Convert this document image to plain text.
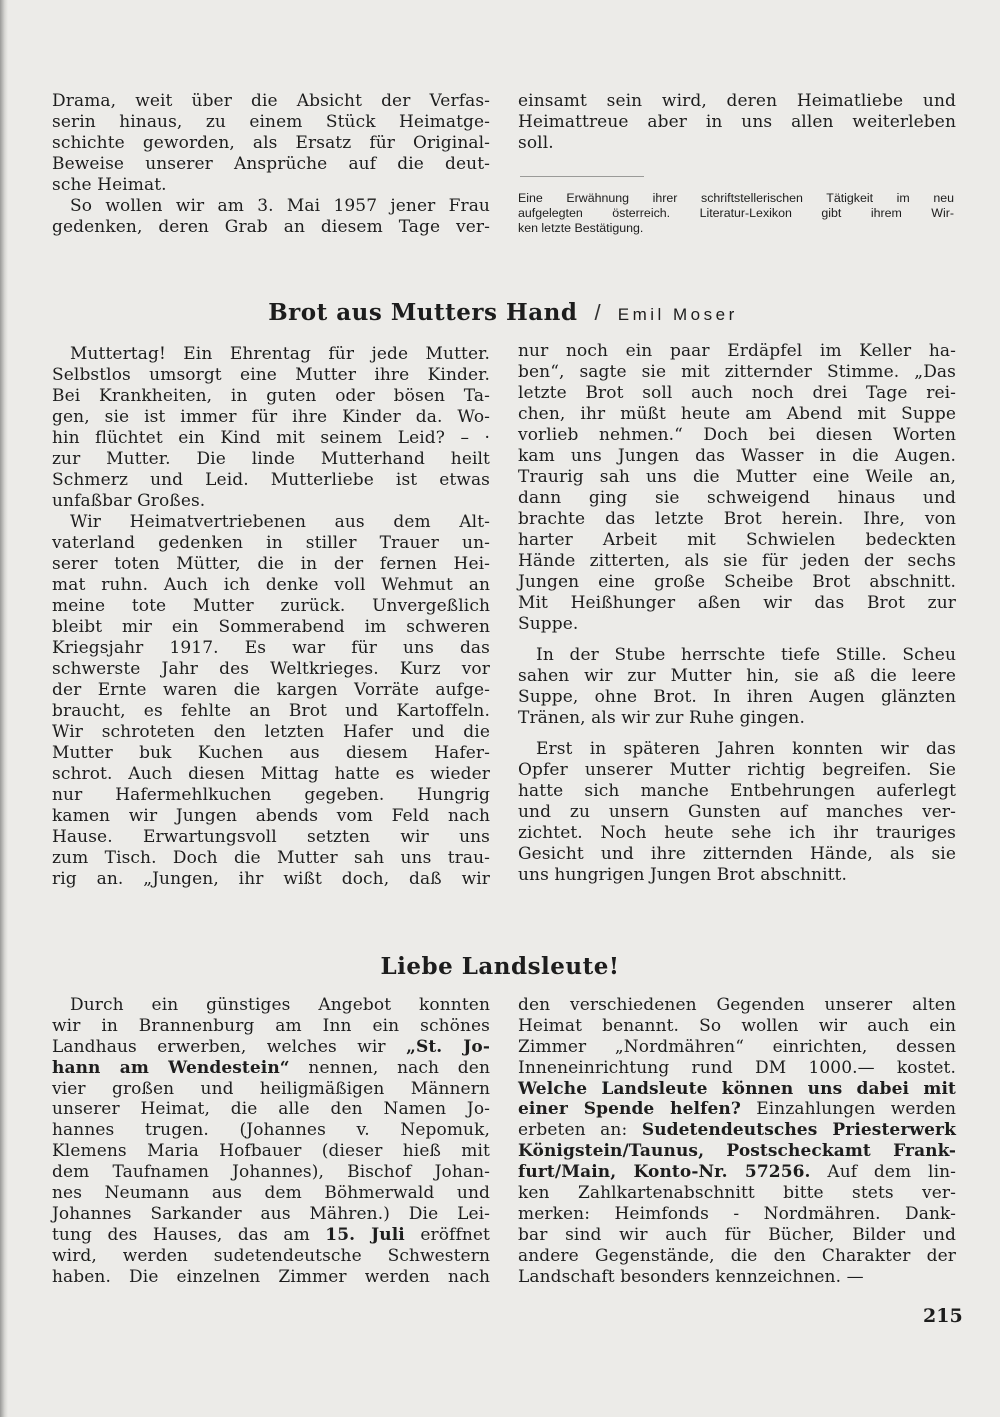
Drama, weit über die Absicht der Verfas-
serin hinaus, zu einem Stück Heimatge-
schichte geworden, als Ersatz für Original-
Beweise unserer Ansprüche auf die deut-
sche Heimat.
So wollen wir am 3. Mai 1957 jener Frau
gedenken, deren Grab an diesem Tage ver-
einsamt sein wird, deren Heimatliebe und
Heimattreue aber in uns allen weiterleben
soll.
Eine Erwähnung ihrer schriftstellerischen Tätigkeit im neu
aufgelegten österreich. Literatur-Lexikon gibt ihrem Wir-
ken letzte Bestätigung.
Brot aus Mutters Hand / Emil Moser
Muttertag! Ein Ehrentag für jede Mutter.
Selbstlos umsorgt eine Mutter ihre Kinder.
Bei Krankheiten, in guten oder bösen Ta-
gen, sie ist immer für ihre Kinder da. Wo-
hin flüchtet ein Kind mit seinem Leid? – ·
zur Mutter. Die linde Mutterhand heilt
Schmerz und Leid. Mutterliebe ist etwas
unfaßbar Großes.
Wir Heimatvertriebenen aus dem Alt-
vaterland gedenken in stiller Trauer un-
serer toten Mütter, die in der fernen Hei-
mat ruhn. Auch ich denke voll Wehmut an
meine tote Mutter zurück. Unvergeßlich
bleibt mir ein Sommerabend im schweren
Kriegsjahr 1917. Es war für uns das
schwerste Jahr des Weltkrieges. Kurz vor
der Ernte waren die kargen Vorräte aufge-
braucht, es fehlte an Brot und Kartoffeln.
Wir schroteten den letzten Hafer und die
Mutter buk Kuchen aus diesem Hafer-
schrot. Auch diesen Mittag hatte es wieder
nur Hafermehlkuchen gegeben. Hungrig
kamen wir Jungen abends vom Feld nach
Hause. Erwartungsvoll setzten wir uns
zum Tisch. Doch die Mutter sah uns trau-
rig an. „Jungen, ihr wißt doch, daß wir
nur noch ein paar Erdäpfel im Keller ha-
ben“, sagte sie mit zitternder Stimme. „Das
letzte Brot soll auch noch drei Tage rei-
chen, ihr müßt heute am Abend mit Suppe
vorlieb nehmen.“ Doch bei diesen Worten
kam uns Jungen das Wasser in die Augen.
Traurig sah uns die Mutter eine Weile an,
dann ging sie schweigend hinaus und
brachte das letzte Brot herein. Ihre, von
harter Arbeit mit Schwielen bedeckten
Hände zitterten, als sie für jeden der sechs
Jungen eine große Scheibe Brot abschnitt.
Mit Heißhunger aßen wir das Brot zur
Suppe.
In der Stube herrschte tiefe Stille. Scheu
sahen wir zur Mutter hin, sie aß die leere
Suppe, ohne Brot. In ihren Augen glänzten
Tränen, als wir zur Ruhe gingen.
Erst in späteren Jahren konnten wir das
Opfer unserer Mutter richtig begreifen. Sie
hatte sich manche Entbehrungen auferlegt
und zu unsern Gunsten auf manches ver-
zichtet. Noch heute sehe ich ihr trauriges
Gesicht und ihre zitternden Hände, als sie
uns hungrigen Jungen Brot abschnitt.
Liebe Landsleute!
Durch ein günstiges Angebot konnten
wir in Brannenburg am Inn ein schönes
Landhaus erwerben, welches wir „St. Jo-
hann am Wendestein“ nennen, nach den
vier großen und heiligmäßigen Männern
unserer Heimat, die alle den Namen Jo-
hannes trugen. (Johannes v. Nepomuk,
Klemens Maria Hofbauer (dieser hieß mit
dem Taufnamen Johannes), Bischof Johan-
nes Neumann aus dem Böhmerwald und
Johannes Sarkander aus Mähren.) Die Lei-
tung des Hauses, das am 15. Juli eröffnet
wird, werden sudetendeutsche Schwestern
haben. Die einzelnen Zimmer werden nach
den verschiedenen Gegenden unserer alten
Heimat benannt. So wollen wir auch ein
Zimmer „Nordmähren“ einrichten, dessen
Inneneinrichtung rund DM 1000.— kostet.
Welche Landsleute können uns dabei mit
einer Spende helfen? Einzahlungen werden
erbeten an: Sudetendeutsches Priesterwerk
Königstein/Taunus, Postscheckamt Frank-
furt/Main, Konto-Nr. 57256. Auf dem lin-
ken Zahlkartenabschnitt bitte stets ver-
merken: Heimfonds - Nordmähren. Dank-
bar sind wir auch für Bücher, Bilder und
andere Gegenstände, die den Charakter der
Landschaft besonders kennzeichnen. —
215
